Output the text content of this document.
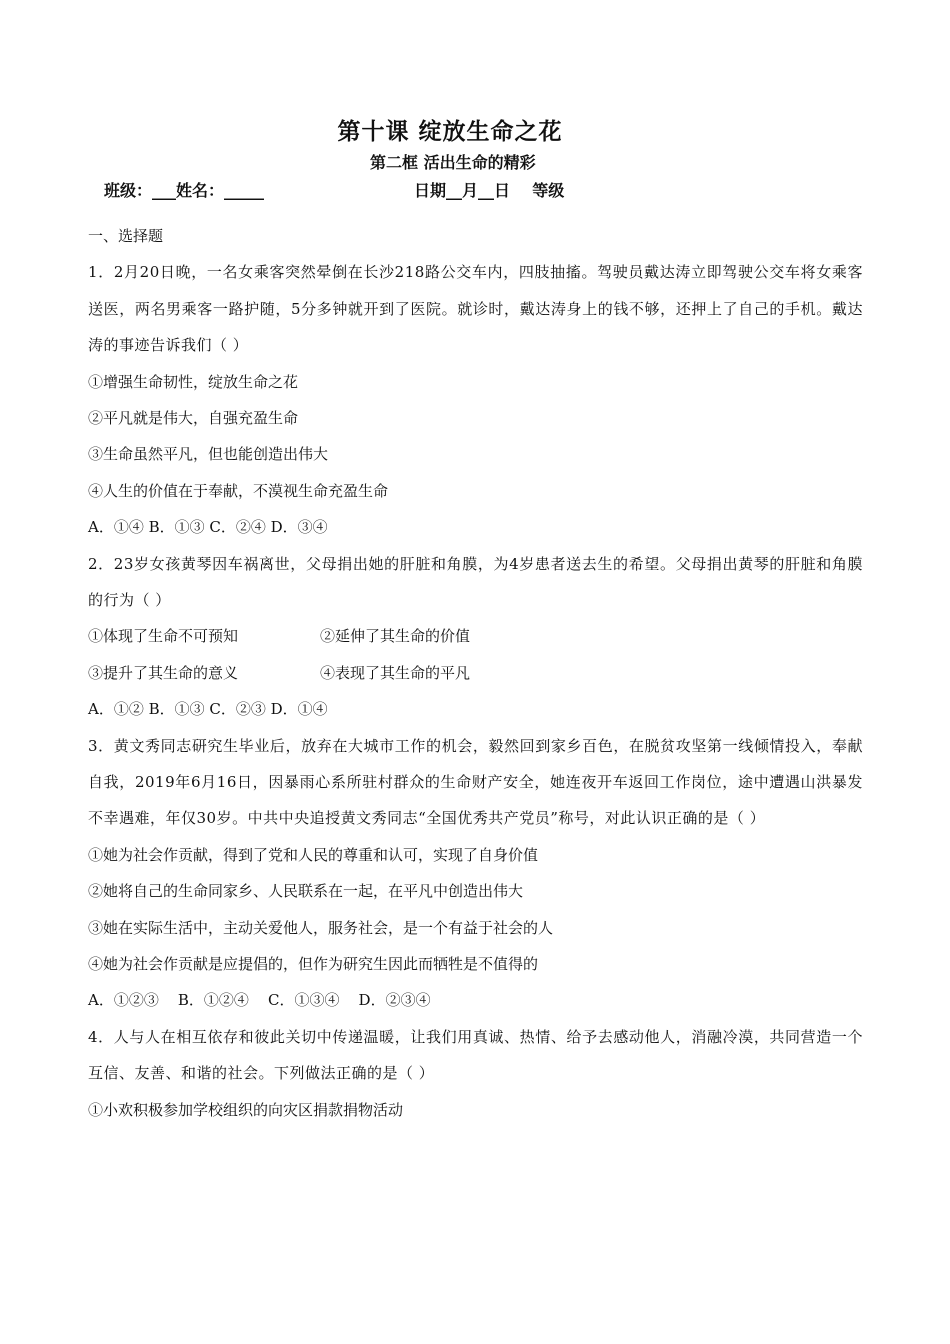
第十课 绽放生命之花
第二框 活出生命的精彩
班级：___姓名：_____	日期__月__日    等级
一、选择题
1．2月20日晚，一名女乘客突然晕倒在长沙218路公交车内，四肢抽搐。驾驶员戴达涛立即驾驶公交车将女乘客送医，两名男乘客一路护随，5分多钟就开到了医院。就诊时，戴达涛身上的钱不够，还押上了自己的手机。戴达涛的事迹告诉我们（ ）
①增强生命韧性，绽放生命之花
②平凡就是伟大，自强充盈生命
③生命虽然平凡，但也能创造出伟大
④人生的价值在于奉献，不漠视生命充盈生命
A．①④ B．①③ C．②④ D．③④
2．23岁女孩黄琴因车祸离世，父母捐出她的肝脏和角膜，为4岁患者送去生的希望。父母捐出黄琴的肝脏和角膜的行为（ ）
①体现了生命不可预知	②延伸了其生命的价值
③提升了其生命的意义	④表现了其生命的平凡
A．①② B．①③ C．②③ D．①④
3．黄文秀同志研究生毕业后，放弃在大城市工作的机会，毅然回到家乡百色，在脱贫攻坚第一线倾情投入，奉献自我，2019年6月16日，因暴雨心系所驻村群众的生命财产安全，她连夜开车返回工作岗位，途中遭遇山洪暴发不幸遇难，年仅30岁。中共中央追授黄文秀同志“全国优秀共产党员”称号，对此认识正确的是（ ）
①她为社会作贡献，得到了党和人民的尊重和认可，实现了自身价值
②她将自己的生命同家乡、人民联系在一起，在平凡中创造出伟大
③她在实际生活中，主动关爱他人，服务社会，是一个有益于社会的人
④她为社会作贡献是应提倡的，但作为研究生因此而牺牲是不值得的
A．①②③    B．①②④    C．①③④    D．②③④
4．人与人在相互依存和彼此关切中传递温暖，让我们用真诚、热情、给予去感动他人，消融冷漠，共同营造一个互信、友善、和谐的社会。下列做法正确的是（ ）
①小欢积极参加学校组织的向灾区捐款捐物活动
